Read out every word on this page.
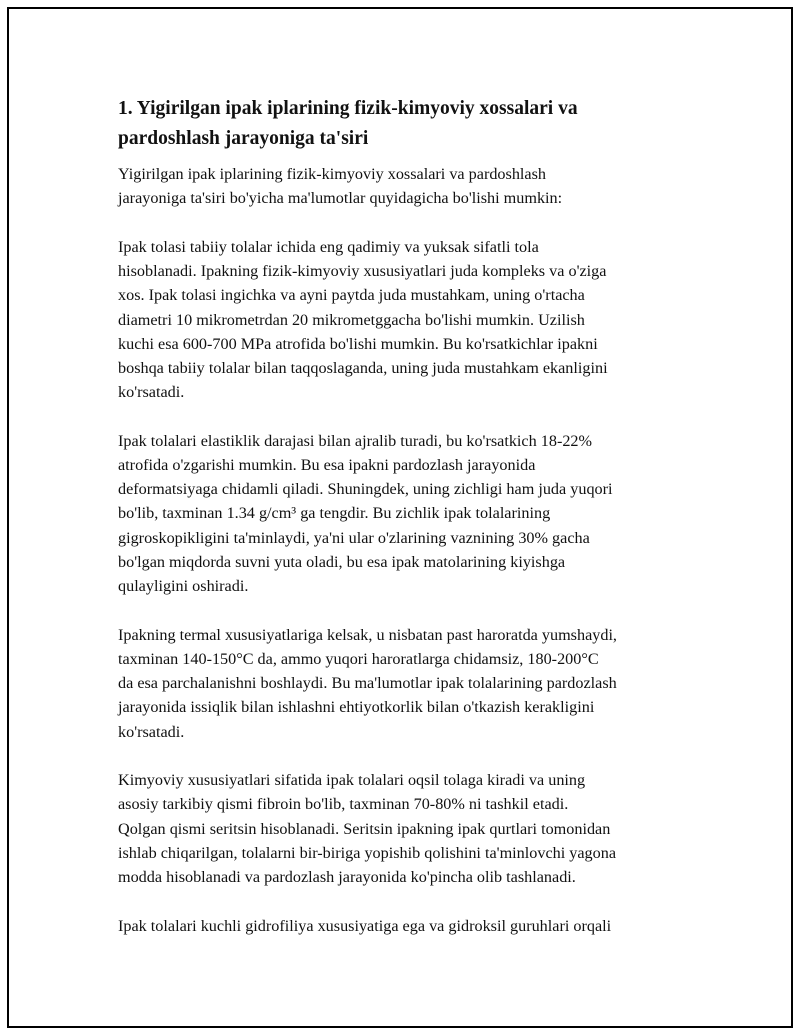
1. Yigirilgan ipak iplarining fizik-kimyoviy xossalari va
pardoshlash jarayoniga ta'siri

Yigirilgan ipak iplarining fizik-kimyoviy xossalari va pardoshlash

jarayoniga ta'siri bo'yicha ma'lumotlar quyidagicha bo'lishi mumkin:

Ipak tolasi tabiiy tolalar ichida eng qadimiy va yuksak sifatli tola

hisoblanadi. Ipakning fizik-kimyoviy xususiyatlari juda kompleks va o'ziga

xos. Ipak tolasi ingichka va ayni paytda juda mustahkam, uning o'rtacha

diametri 10 mikrometrdan 20 mikrometggacha bo'lishi mumkin. Uzilish

kuchi esa 600-700 MPa atrofida bo'lishi mumkin. Bu ko'rsatkichlar ipakni

boshqa tabiiy tolalar bilan taqqoslaganda, uning juda mustahkam ekanligini

ko'rsatadi.

Ipak tolalari elastiklik darajasi bilan ajralib turadi, bu ko'rsatkich 18-22%

atrofida o'zgarishi mumkin. Bu esa ipakni pardozlash jarayonida

deformatsiyaga chidamli qiladi. Shuningdek, uning zichligi ham juda yuqori

bo'lib, taxminan 1.34 g/cm³ ga tengdir. Bu zichlik ipak tolalarining

gigroskopikligini ta'minlaydi, ya'ni ular o'zlarining vaznining 30% gacha

bo'lgan miqdorda suvni yuta oladi, bu esa ipak matolarining kiyishga

qulayligini oshiradi.

Ipakning termal xususiyatlariga kelsak, u nisbatan past haroratda yumshaydi,

taxminan 140-150°C da, ammo yuqori haroratlarga chidamsiz, 180-200°C

da esa parchalanishni boshlaydi. Bu ma'lumotlar ipak tolalarining pardozlash

jarayonida issiqlik bilan ishlashni ehtiyotkorlik bilan o'tkazish kerakligini

ko'rsatadi.

Kimyoviy xususiyatlari sifatida ipak tolalari oqsil tolaga kiradi va uning

asosiy tarkibiy qismi fibroin bo'lib, taxminan 70-80% ni tashkil etadi.

Qolgan qismi seritsin hisoblanadi. Seritsin ipakning ipak qurtlari tomonidan

ishlab chiqarilgan, tolalarni bir-biriga yopishib qolishini ta'minlovchi yagona

modda hisoblanadi va pardozlash jarayonida ko'pincha olib tashlanadi.

Ipak tolalari kuchli gidrofiliya xususiyatiga ega va gidroksil guruhlari orqali
